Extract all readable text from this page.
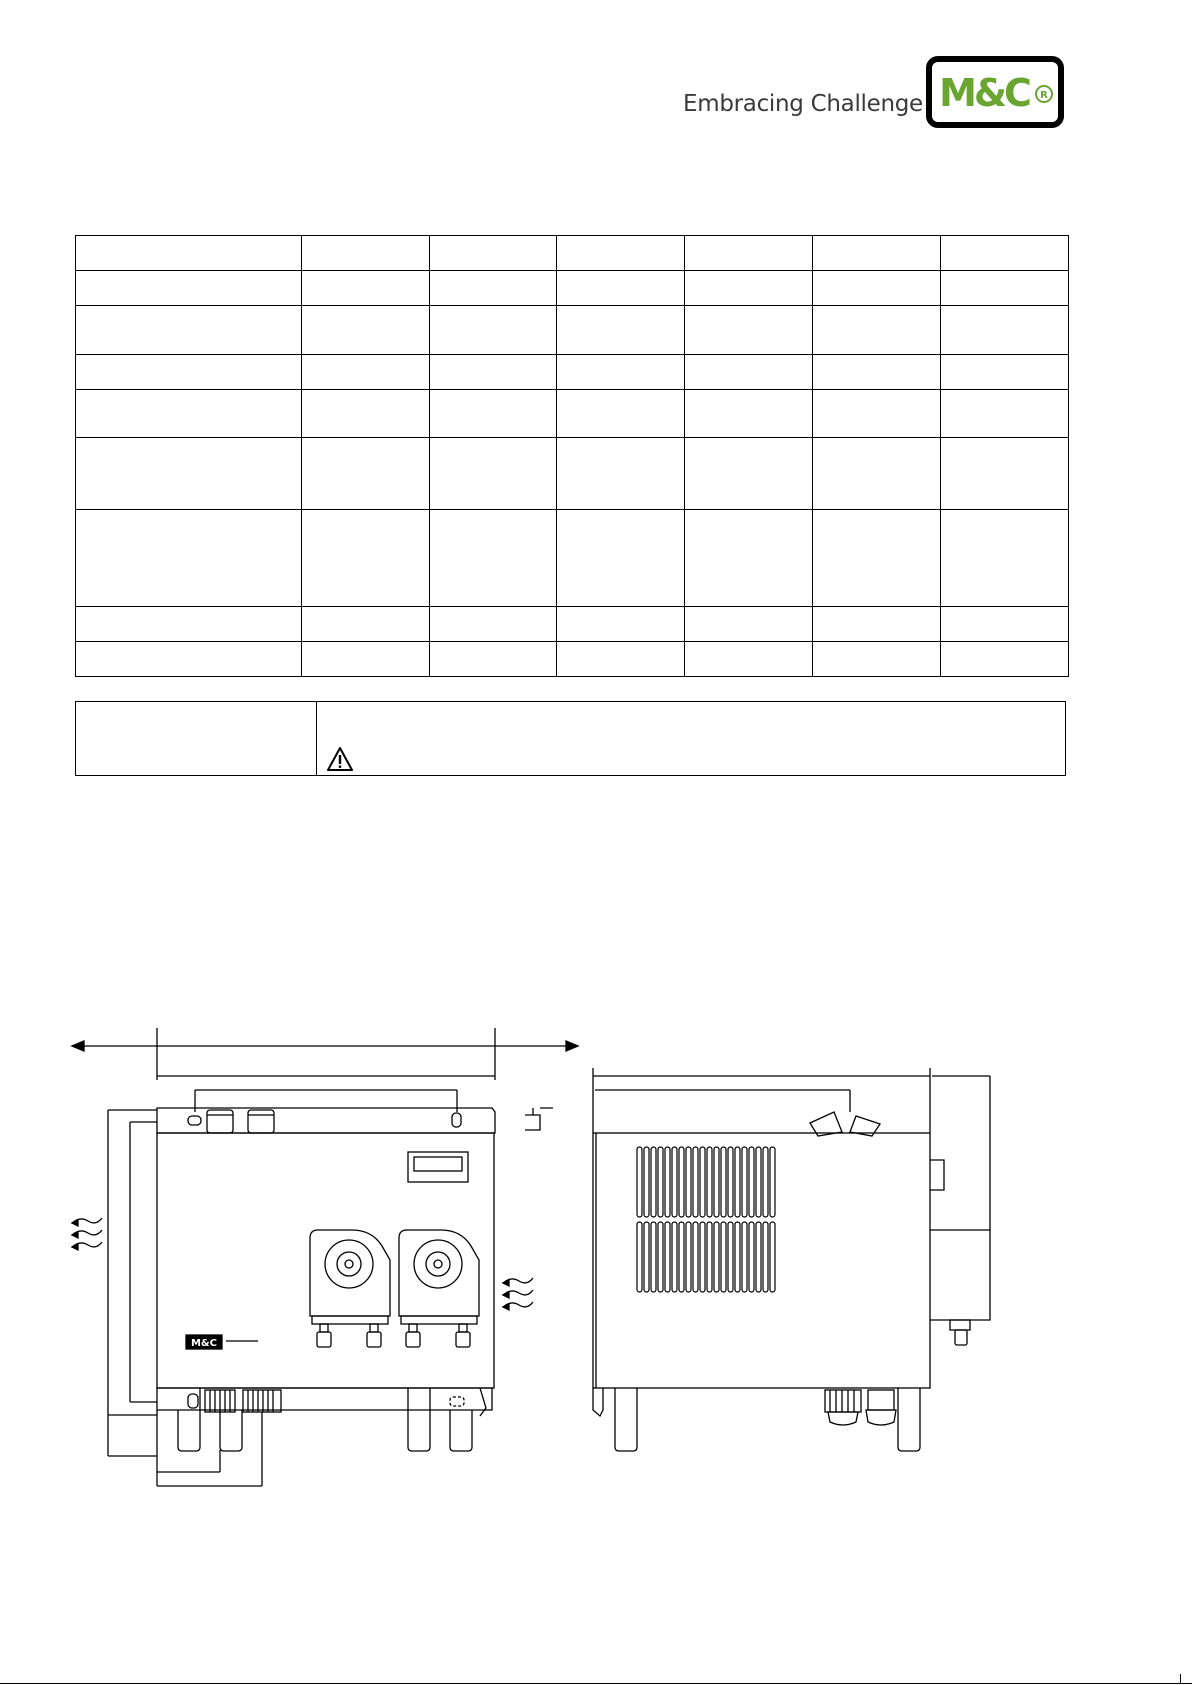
Embracing Challenge M&C R

M&C
